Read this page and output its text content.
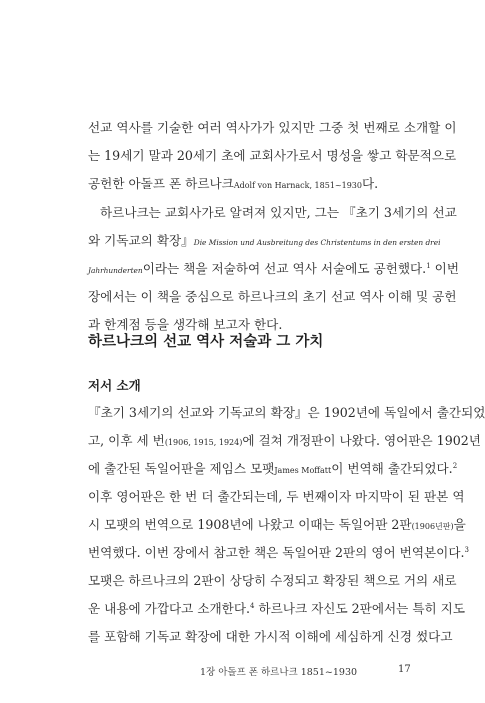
선교 역사를 기술한 여러 역사가가 있지만 그중 첫 번째로 소개할 이
는 19세기 말과 20세기 초에 교회사가로서 명성을 쌓고 학문적으로
공헌한 아돌프 폰 하르나크Adolf von Harnack, 1851~1930다.
하르나크는 교회사가로 알려져 있지만, 그는 『초기 3세기의 선교
와 기독교의 확장』Die Mission und Ausbreitung des Christentums in den ersten drei
Jahrhunderten이라는 책을 저술하여 선교 역사 서술에도 공헌했다.$^1$ 이번
장에서는 이 책을 중심으로 하르나크의 초기 선교 역사 이해 및 공헌
과 한계점 등을 생각해 보고자 한다.
하르나크의 선교 역사 저술과 그 가치
저서 소개
『초기 3세기의 선교와 기독교의 확장』은 1902년에 독일에서 출간되었
고, 이후 세 번(1906, 1915, 1924)에 걸쳐 개정판이 나왔다. 영어판은 1902년
에 출간된 독일어판을 제임스 모팻James Moffatt이 번역해 출간되었다.$^2$
이후 영어판은 한 번 더 출간되는데, 두 번째이자 마지막이 된 판본 역
시 모팻의 번역으로 1908년에 나왔고 이때는 독일어판 2판(1906년판)을
번역했다. 이번 장에서 참고한 책은 독일어판 2판의 영어 번역본이다.$^3$
모팻은 하르나크의 2판이 상당히 수정되고 확장된 책으로 거의 새로
운 내용에 가깝다고 소개한다.$^4$ 하르나크 자신도 2판에서는 특히 지도
를 포함해 기독교 확장에 대한 가시적 이해에 세심하게 신경 썼다고
1장 아돌프 폰 하르나크 1851~1930	17
